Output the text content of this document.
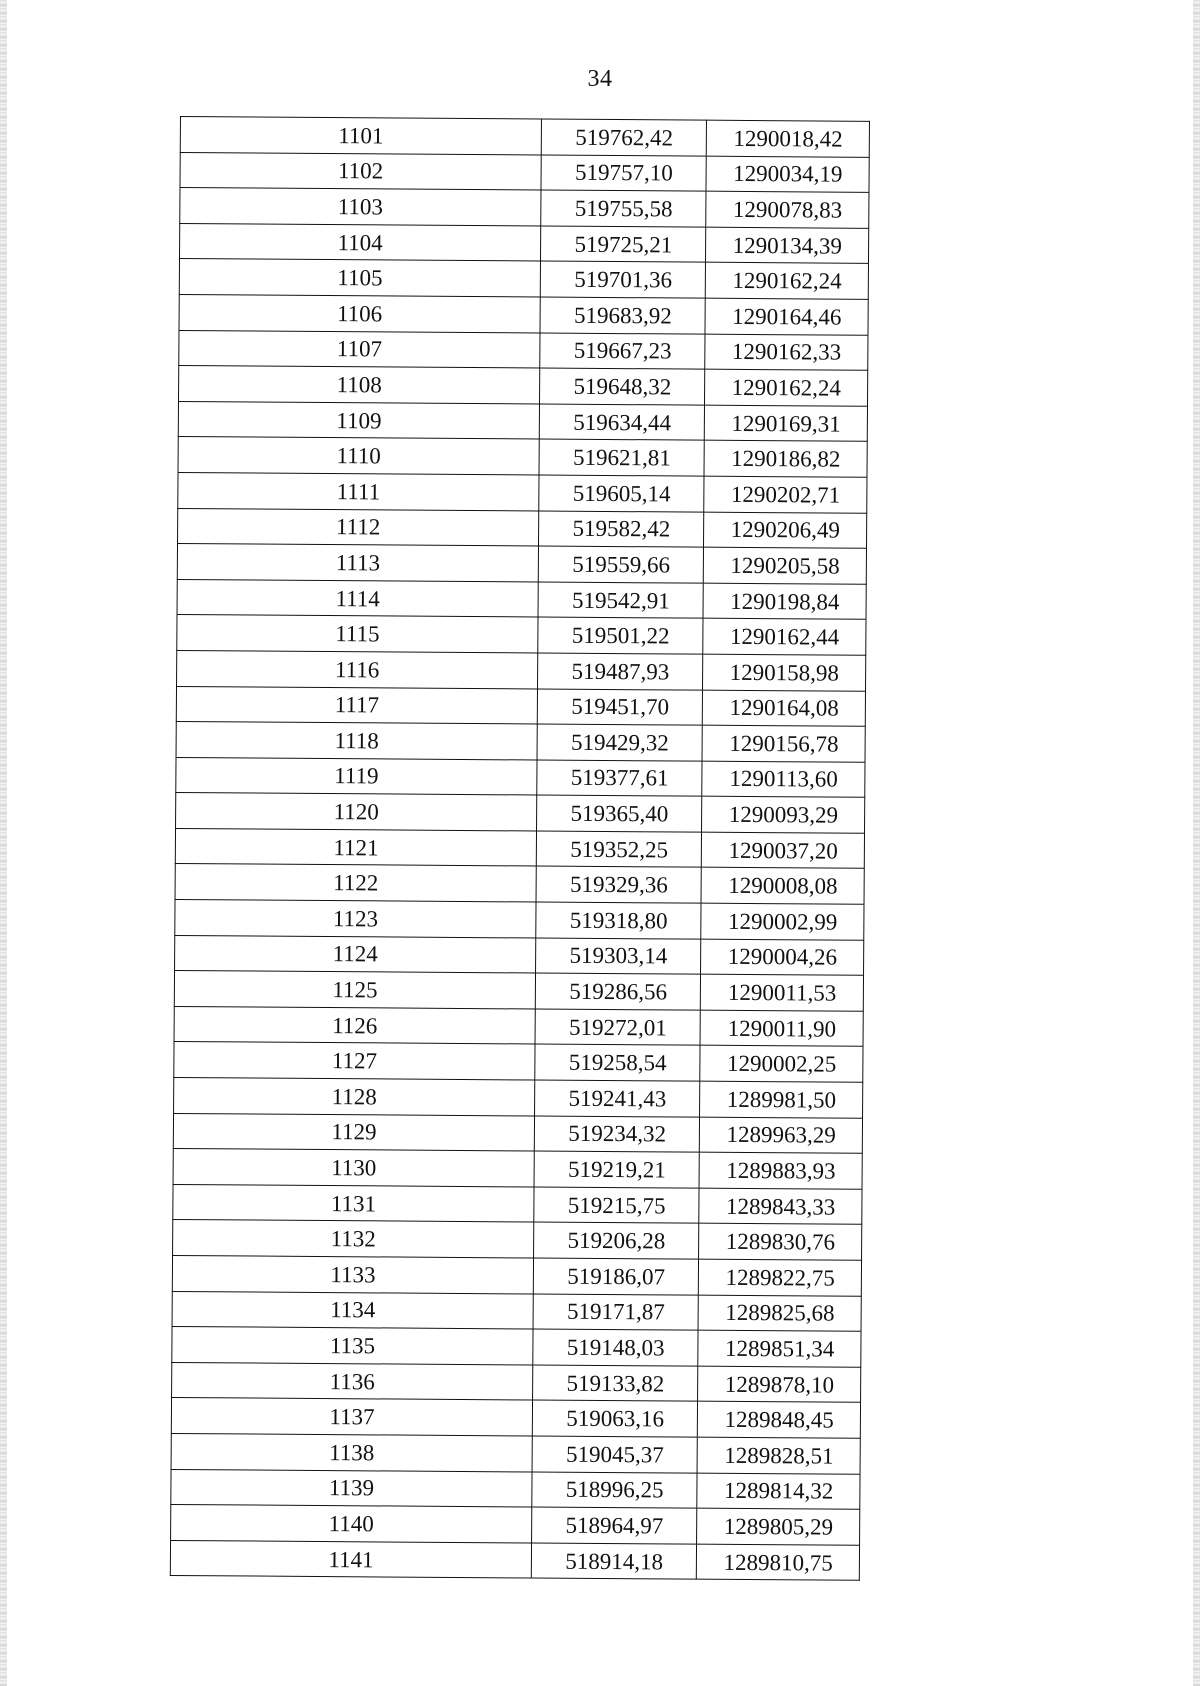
34
1101	519762,42	1290018,42
1102	519757,10	1290034,19
1103	519755,58	1290078,83
1104	519725,21	1290134,39
1105	519701,36	1290162,24
1106	519683,92	1290164,46
1107	519667,23	1290162,33
1108	519648,32	1290162,24
1109	519634,44	1290169,31
1110	519621,81	1290186,82
1111	519605,14	1290202,71
1112	519582,42	1290206,49
1113	519559,66	1290205,58
1114	519542,91	1290198,84
1115	519501,22	1290162,44
1116	519487,93	1290158,98
1117	519451,70	1290164,08
1118	519429,32	1290156,78
1119	519377,61	1290113,60
1120	519365,40	1290093,29
1121	519352,25	1290037,20
1122	519329,36	1290008,08
1123	519318,80	1290002,99
1124	519303,14	1290004,26
1125	519286,56	1290011,53
1126	519272,01	1290011,90
1127	519258,54	1290002,25
1128	519241,43	1289981,50
1129	519234,32	1289963,29
1130	519219,21	1289883,93
1131	519215,75	1289843,33
1132	519206,28	1289830,76
1133	519186,07	1289822,75
1134	519171,87	1289825,68
1135	519148,03	1289851,34
1136	519133,82	1289878,10
1137	519063,16	1289848,45
1138	519045,37	1289828,51
1139	518996,25	1289814,32
1140	518964,97	1289805,29
1141	518914,18	1289810,75
